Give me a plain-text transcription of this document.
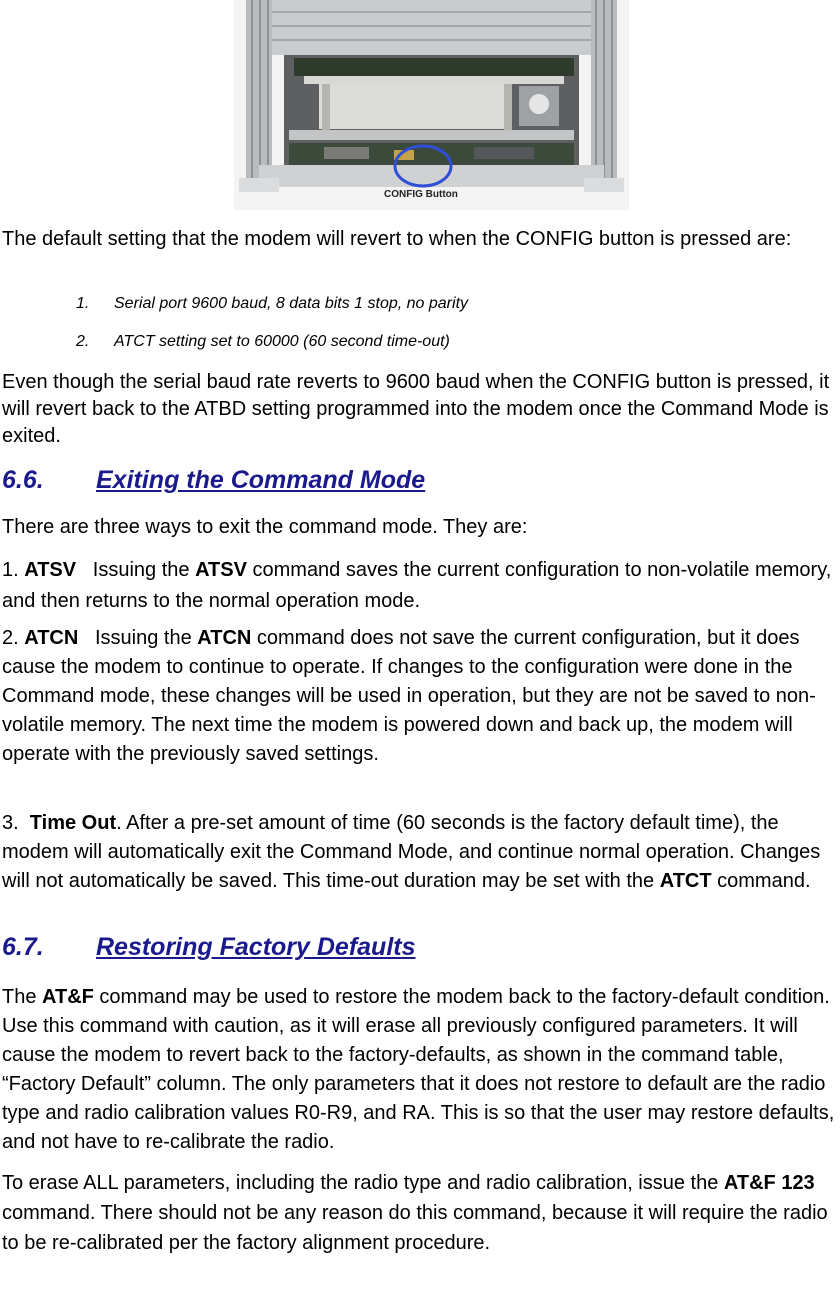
CONFIG Button

The default setting that the modem will revert to when the CONFIG button is pressed are:

1. Serial port 9600 baud, 8 data bits 1 stop, no parity
2. ATCT setting set to 60000 (60 second time-out)

Even though the serial baud rate reverts to 9600 baud when the CONFIG button is pressed, it will revert back to the ATBD setting programmed into the modem once the Command Mode is exited.

6.6. Exiting the Command Mode

There are three ways to exit the command mode. They are:

1. ATSV   Issuing the ATSV command saves the current configuration to non-volatile memory, and then returns to the normal operation mode.

2. ATCN   Issuing the ATCN command does not save the current configuration, but it does cause the modem to continue to operate. If changes to the configuration were done in the Command mode, these changes will be used in operation, but they are not be saved to non-volatile memory. The next time the modem is powered down and back up, the modem will operate with the previously saved settings.

3.  Time Out. After a pre-set amount of time (60 seconds is the factory default time), the modem will automatically exit the Command Mode, and continue normal operation. Changes will not automatically be saved. This time-out duration may be set with the ATCT command.

6.7. Restoring Factory Defaults

The AT&F command may be used to restore the modem back to the factory-default condition. Use this command with caution, as it will erase all previously configured parameters. It will cause the modem to revert back to the factory-defaults, as shown in the command table, “Factory Default” column. The only parameters that it does not restore to default are the radio type and radio calibration values R0-R9, and RA. This is so that the user may restore defaults, and not have to re-calibrate the radio.

To erase ALL parameters, including the radio type and radio calibration, issue the AT&F 123 command. There should not be any reason do this command, because it will require the radio to be re-calibrated per the factory alignment procedure.
